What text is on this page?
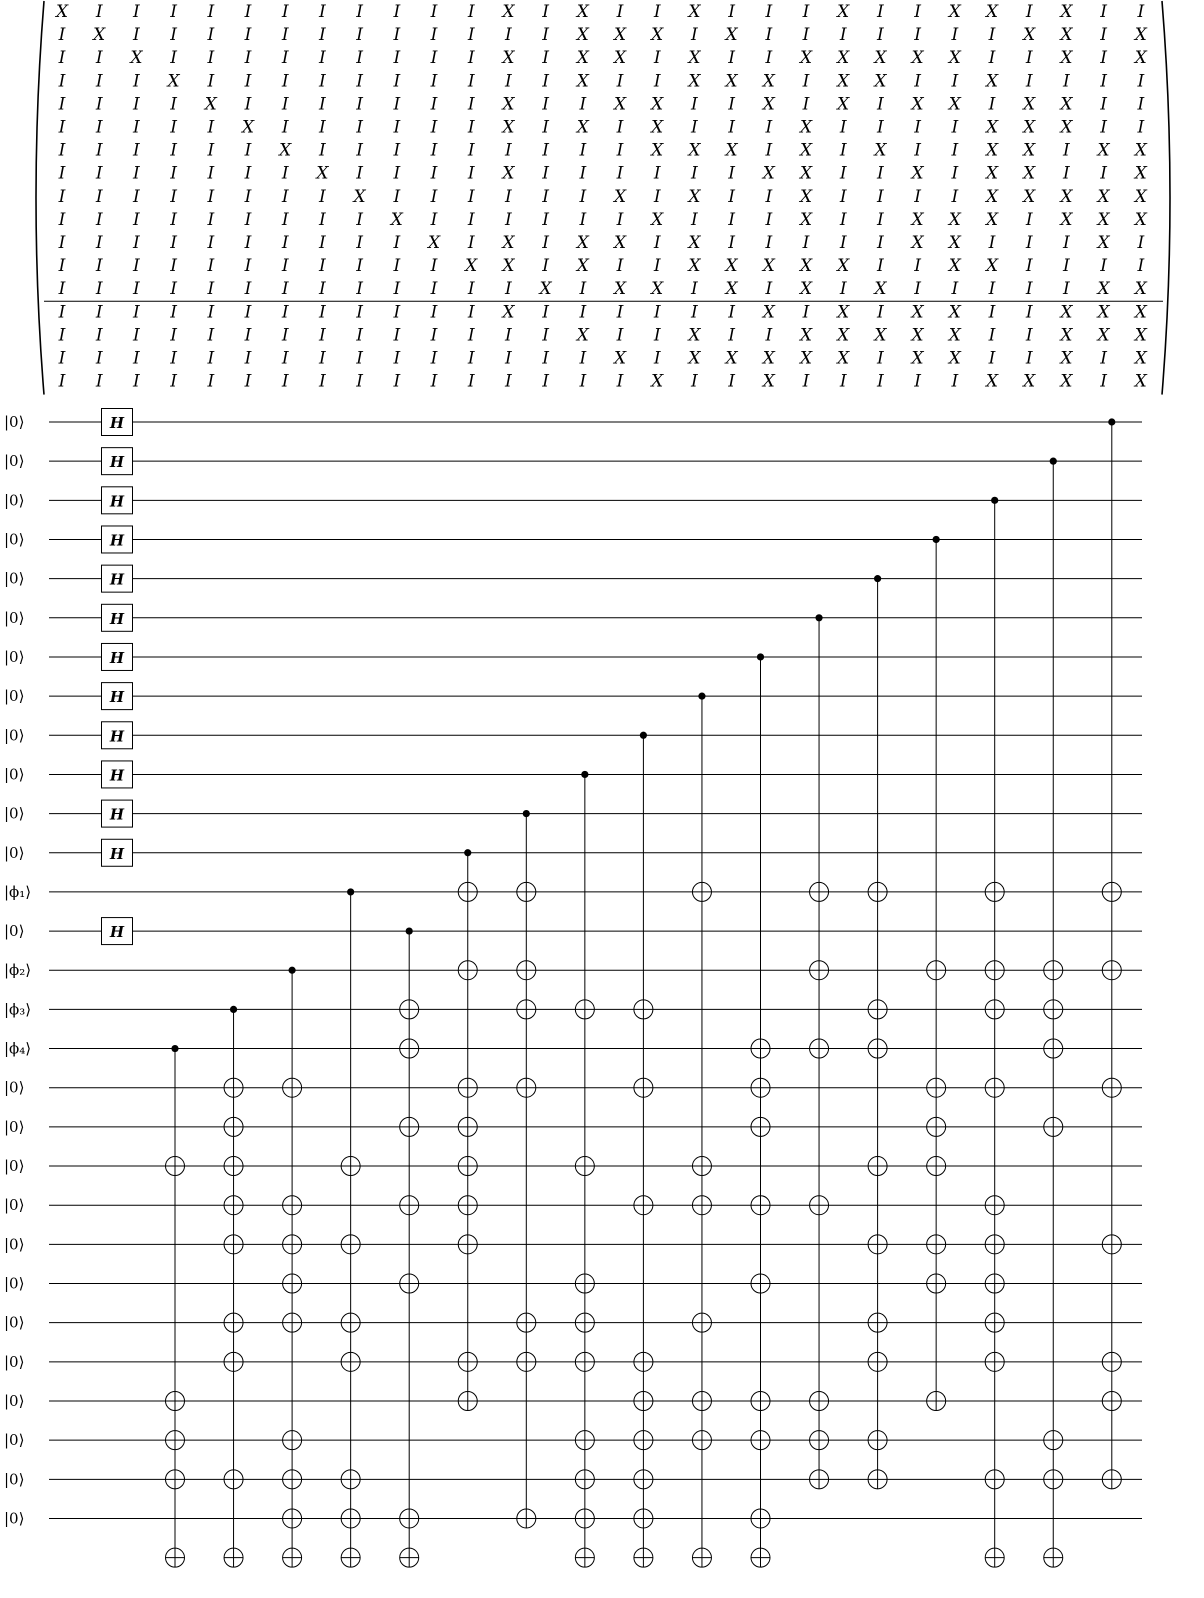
X I I I I I I I I I I I X I X I I X I I I X I I X X I X I I
I X I I I I I I I I I I I I X X X I X I I I I I I I X X I X
I I X I I I I I I I I I X I X X I X I I X X X X X I I X I X
I I I X I I I I I I I I I I X I I X X X I X X I I X I I I I
I I I I X I I I I I I I X I I X X I I X I X I X X I X X I I
I I I I I X I I I I I I X I X I X I I I X I I I I X X X I I
I I I I I I X I I I I I I I I I X X X I X I X I I X X I X X
I I I I I I I X I I I I X I I I I I I X X I I X I X X I I X
I I I I I I I I X I I I I I I X I X I I X I I I I X X X X X
I I I I I I I I I X I I I I I I X I I I X I I X X X I X X X
I I I I I I I I I I X I X I X X I X I I I I I X X I I I X I
I I I I I I I I I I I X X I X I I X X X X X I I X X I I I I
I I I I I I I I I I I I I X I X X I X I X I X I I I I I X X
I I I I I I I I I I I I X I I I I I I X I X I X X I I X X X
I I I I I I I I I I I I I I X I I X I I X X X X X I I X X X
I I I I I I I I I I I I I I I X I X X X X X I X X I I X I X
I I I I I I I I I I I I I I I I X I I X I I I I I X X X I X
|0⟩	H
|0⟩	H
|0⟩	H
|0⟩	H
|0⟩	H
|0⟩	H
|0⟩	H
|0⟩	H
|0⟩	H
|0⟩	H
|0⟩	H
|0⟩	H
|ϕ₁⟩
|0⟩	H
|ϕ₂⟩
|ϕ₃⟩
|ϕ₄⟩
|0⟩
|0⟩
|0⟩
|0⟩
|0⟩
|0⟩
|0⟩
|0⟩
|0⟩
|0⟩
|0⟩
|0⟩
